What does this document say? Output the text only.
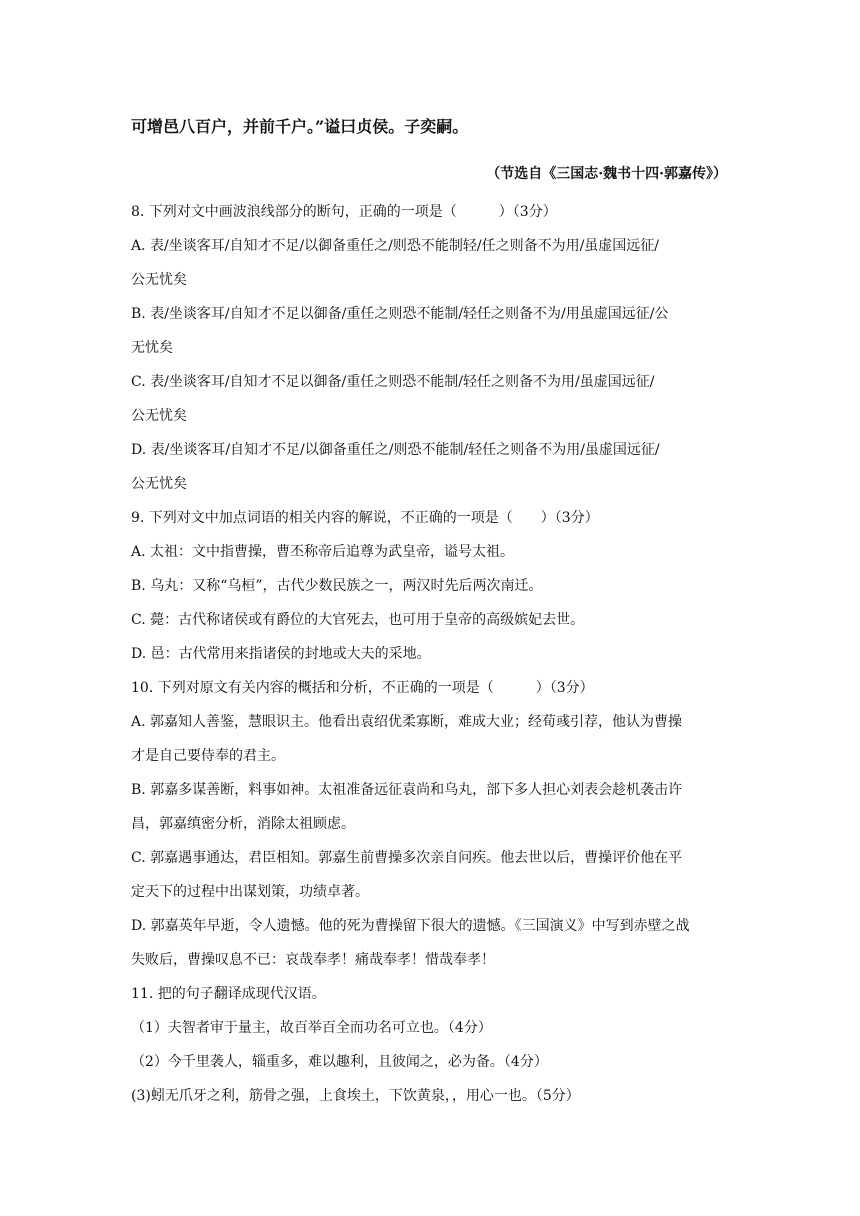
可增邑八百户，并前千户。”谥曰贞侯。子奕嗣。
（节选自《三国志·魏书十四·郭嘉传》）
8. 下列对文中画波浪线部分的断句，正确的一项是（　　　）（3分）
A. 表/坐谈客耳/自知才不足/以御备重任之/则恐不能制轻/任之则备不为用/虽虚国远征/
公无忧矣
B. 表/坐谈客耳/自知才不足以御备/重任之则恐不能制/轻任之则备不为/用虽虚国远征/公
无忧矣
C. 表/坐谈客耳/自知才不足以御备/重任之则恐不能制/轻任之则备不为用/虽虚国远征/
公无忧矣
D. 表/坐谈客耳/自知才不足/以御备重任之/则恐不能制/轻任之则备不为用/虽虚国远征/
公无忧矣
9. 下列对文中加点词语的相关内容的解说，不正确的一项是（　　）（3分）
A. 太祖：文中指曹操，曹丕称帝后追尊为武皇帝，谥号太祖。
B. 乌丸：又称“乌桓”，古代少数民族之一，两汉时先后两次南迁。
C. 薨：古代称诸侯或有爵位的大官死去，也可用于皇帝的高级嫔妃去世。
D. 邑：古代常用来指诸侯的封地或大夫的采地。
10. 下列对原文有关内容的概括和分析，不正确的一项是（　　　）（3分）
A. 郭嘉知人善鉴，慧眼识主。他看出袁绍优柔寡断，难成大业；经荀彧引荐，他认为曹操
才是自己要侍奉的君主。
B. 郭嘉多谋善断，料事如神。太祖准备远征袁尚和乌丸，部下多人担心刘表会趁机袭击许
昌，郭嘉缜密分析，消除太祖顾虑。
C. 郭嘉遇事通达，君臣相知。郭嘉生前曹操多次亲自问疾。他去世以后，曹操评价他在平
定天下的过程中出谋划策，功绩卓著。
D. 郭嘉英年早逝，令人遗憾。他的死为曹操留下很大的遗憾。《三国演义》中写到赤壁之战
失败后，曹操叹息不已：哀哉奉孝！痛哉奉孝！惜哉奉孝！
11. 把的句子翻译成现代汉语。
（1）夫智者审于量主，故百举百全而功名可立也。（4分）
（2）今千里袭人，辎重多，难以趣利，且彼闻之，必为备。（4分）
(3)蚓无爪牙之利，筋骨之强，上食埃土，下饮黄泉，，用心一也。（5分）
